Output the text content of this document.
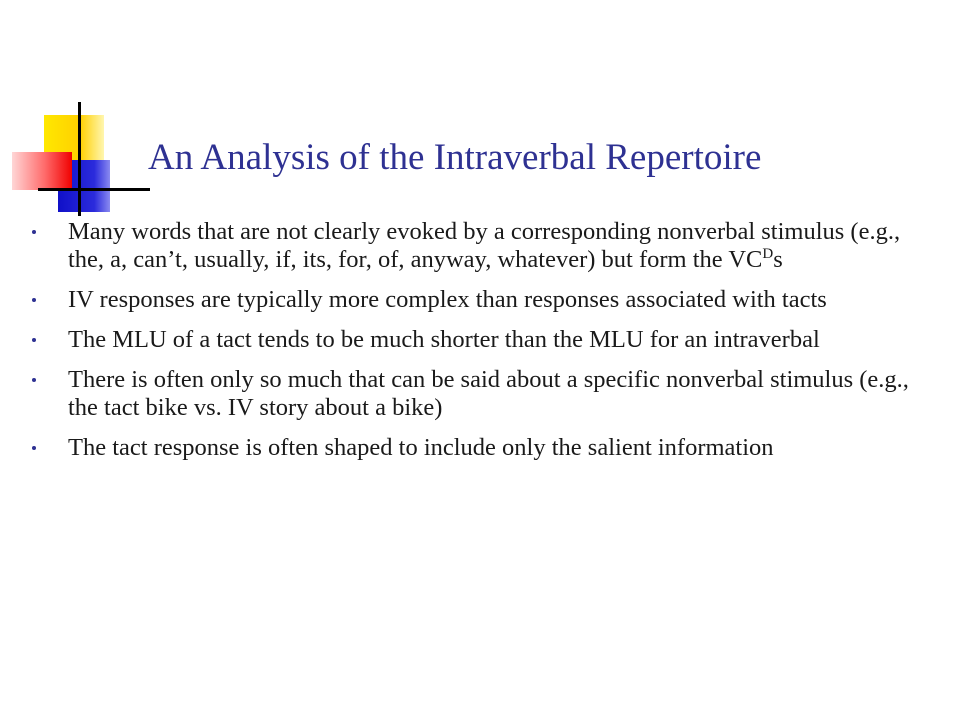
An Analysis of the Intraverbal Repertoire
Many words that are not clearly evoked by a corresponding nonverbal stimulus (e.g., the, a, can’t, usually, if, its, for, of, anyway, whatever) but form the $VC^Ds$
IV responses are typically more complex than responses associated with tacts
The MLU of a tact tends to be much shorter than the MLU for an intraverbal
There is often only so much that can be said about a specific nonverbal stimulus (e.g., the tact bike vs. IV story about a bike)
The tact response is often shaped to include only the salient information
